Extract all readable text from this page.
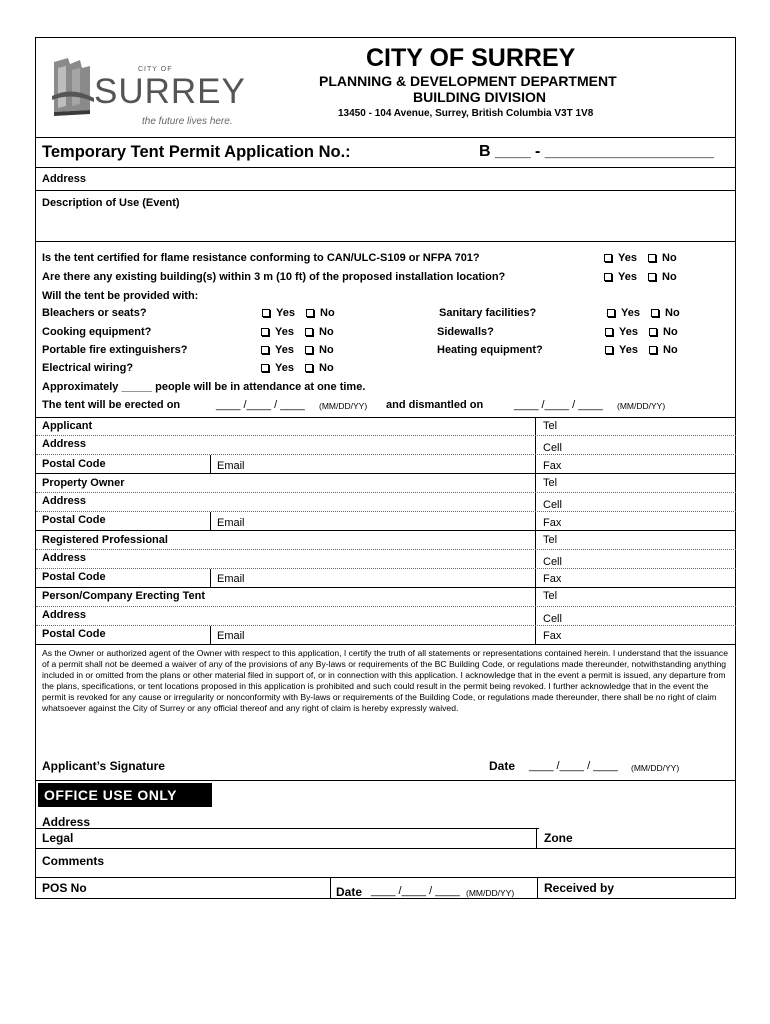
CITY OF
SURREY
the future lives here.
CITY OF SURREY
PLANNING & DEVELOPMENT DEPARTMENT
BUILDING DIVISION
13450 - 104 Avenue, Surrey, British Columbia V3T 1V8
Temporary Tent Permit Application No.:	B ____ - ___________________
Address
Description of Use (Event)
Is the tent certified for flame resistance conforming to CAN/ULC-S109 or NFPA 701?	Yes No
Are there any existing building(s) within 3 m (10 ft) of the proposed installation location?	Yes No
Will the tent be provided with:
Bleachers or seats?	Yes No	Sanitary facilities?	Yes No
Cooking equipment?	Yes No	Sidewalls?	Yes No
Portable fire extinguishers?	Yes No	Heating equipment?	Yes No
Electrical wiring?	Yes No
Approximately _____ people will be in attendance at one time.
The tent will be erected on	____ /____ / ____ (MM/DD/YY) and dismantled on	____ /____ / ____ (MM/DD/YY)
Applicant	Tel
Address	Cell
Postal Code	Email	Fax
Property Owner	Tel
Address	Cell
Postal Code	Email	Fax
Registered Professional	Tel
Address	Cell
Postal Code	Email	Fax
Person/Company Erecting Tent	Tel
Address	Cell
Postal Code	Email	Fax
As the Owner or authorized agent of the Owner with respect to this application, I certify the truth of all statements or representations contained herein. I understand that the issuance of a permit shall not be deemed a waiver of any of the provisions of any By-laws or requirements of the BC Building Code, or regulations made thereunder, notwithstanding anything included in or omitted from the plans or other material filed in support of, or in connection with this application. I acknowledge that in the event a permit is issued, any departure from the plans, specifications, or tent locations proposed in this application is prohibited and such could result in the permit being revoked. I further acknowledge that in the event the permit is revoked for any cause or irregularity or nonconformity with By-laws or requirements of the Building Code, or regulations made thereunder, there shall be no right of claim whatsoever against the City of Surrey or any official thereof and any right of claim is hereby expressly waived.
Applicant’s Signature	Date ____ /____ / ____ (MM/DD/YY)
OFFICE USE ONLY
Address
Legal	Zone
Comments
POS No	Date ____ /____ / ____ (MM/DD/YY) Received by
